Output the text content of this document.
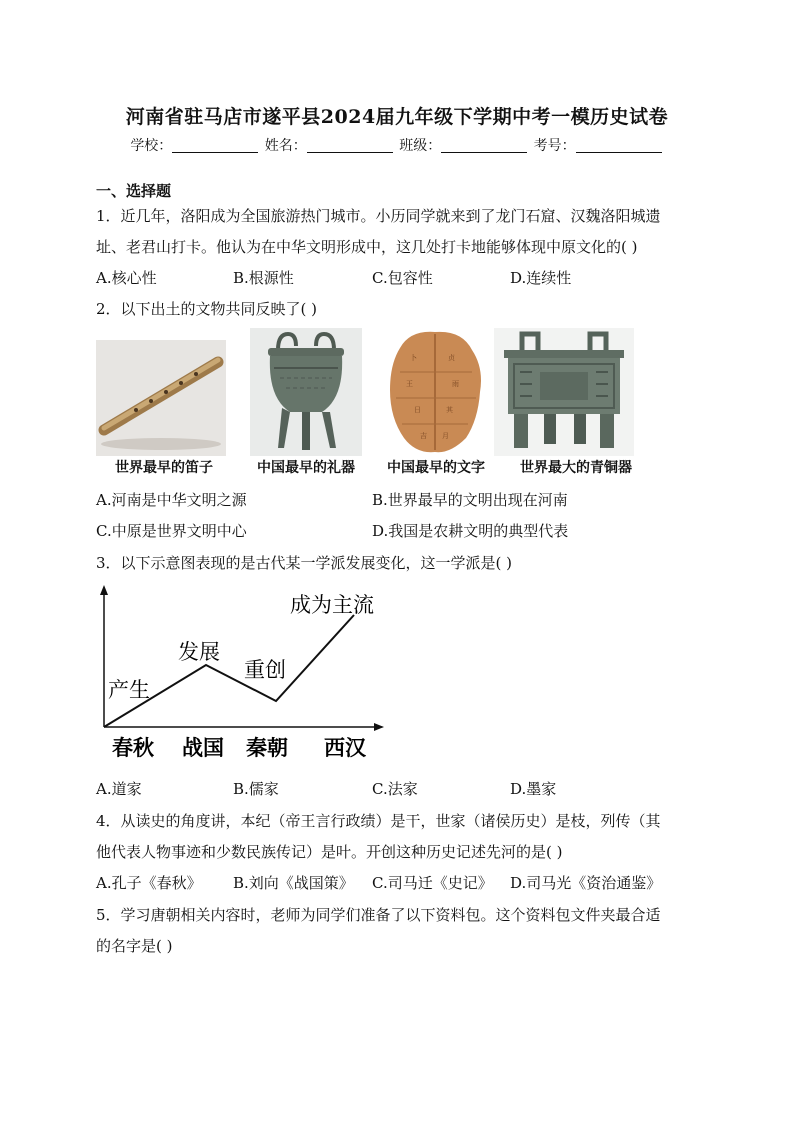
河南省驻马店市遂平县2024届九年级下学期中考一模历史试卷
学校：	姓名：	班级：	考号：
一、选择题
1．近几年，洛阳成为全国旅游热门城市。小历同学就来到了龙门石窟、汉魏洛阳城遗
址、老君山打卡。他认为在中华文明形成中，这几处打卡地能够体现中原文化的( )
A.核心性	B.根源性	C.包容性	D.连续性
2．以下出土的文物共同反映了( )
卜	贞
王	雨
日	其
吉 月
世界最早的笛子	中国最早的礼器	中国最早的文字	世界最大的青铜器
A.河南是中华文明之源	B.世界最早的文明出现在河南
C.中原是世界文明中心	D.我国是农耕文明的典型代表
3．以下示意图表现的是古代某一学派发展变化，这一学派是( )
产生
发展
重创
成为主流
春秋 战国 秦朝 西汉
A.道家	B.儒家	C.法家	D.墨家
4．从读史的角度讲，本纪（帝王言行政绩）是干，世家（诸侯历史）是枝，列传（其
他代表人物事迹和少数民族传记）是叶。开创这种历史记述先河的是( )
A.孔子《春秋》 B.刘向《战国策》 C.司马迁《史记》 D.司马光《资治通鉴》
5．学习唐朝相关内容时，老师为同学们准备了以下资料包。这个资料包文件夹最合适
的名字是( )
